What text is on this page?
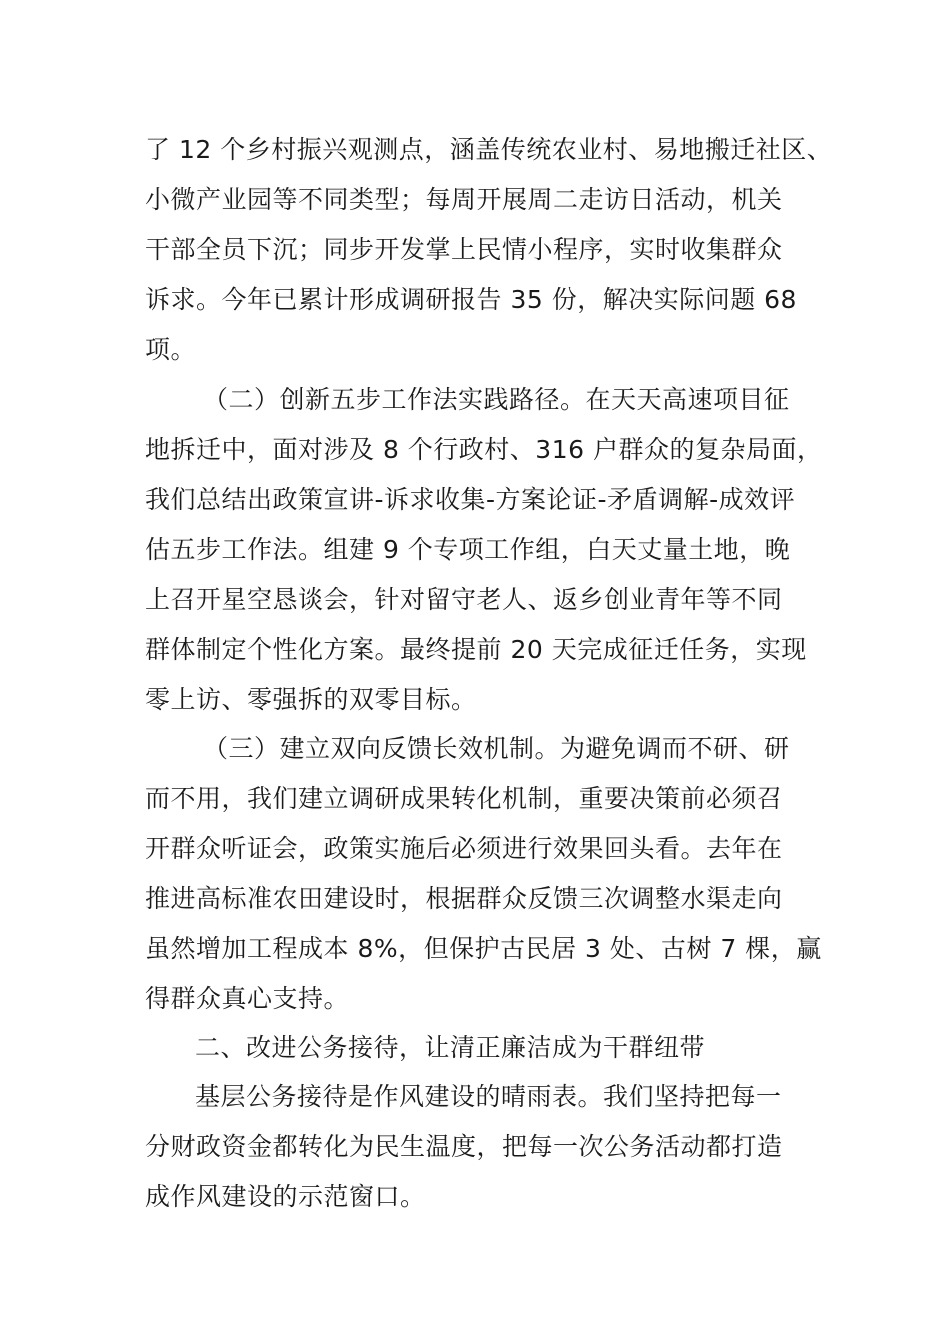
了 12 个乡村振兴观测点，涵盖传统农业村、易地搬迁社区、
小微产业园等不同类型；每周开展周二走访日活动，机关
干部全员下沉；同步开发掌上民情小程序，实时收集群众
诉求。今年已累计形成调研报告 35 份，解决实际问题 68
项。
（二）创新五步工作法实践路径。在天天高速项目征
地拆迁中，面对涉及 8 个行政村、316 户群众的复杂局面，
我们总结出政策宣讲-诉求收集-方案论证-矛盾调解-成效评
估五步工作法。组建 9 个专项工作组，白天丈量土地，晚
上召开星空恳谈会，针对留守老人、返乡创业青年等不同
群体制定个性化方案。最终提前 20 天完成征迁任务，实现
零上访、零强拆的双零目标。
（三）建立双向反馈长效机制。为避免调而不研、研
而不用，我们建立调研成果转化机制，重要决策前必须召
开群众听证会，政策实施后必须进行效果回头看。去年在
推进高标准农田建设时，根据群众反馈三次调整水渠走向
虽然增加工程成本 8%，但保护古民居 3 处、古树 7 棵，赢
得群众真心支持。
二、改进公务接待，让清正廉洁成为干群纽带
基层公务接待是作风建设的晴雨表。我们坚持把每一
分财政资金都转化为民生温度，把每一次公务活动都打造
成作风建设的示范窗口。
